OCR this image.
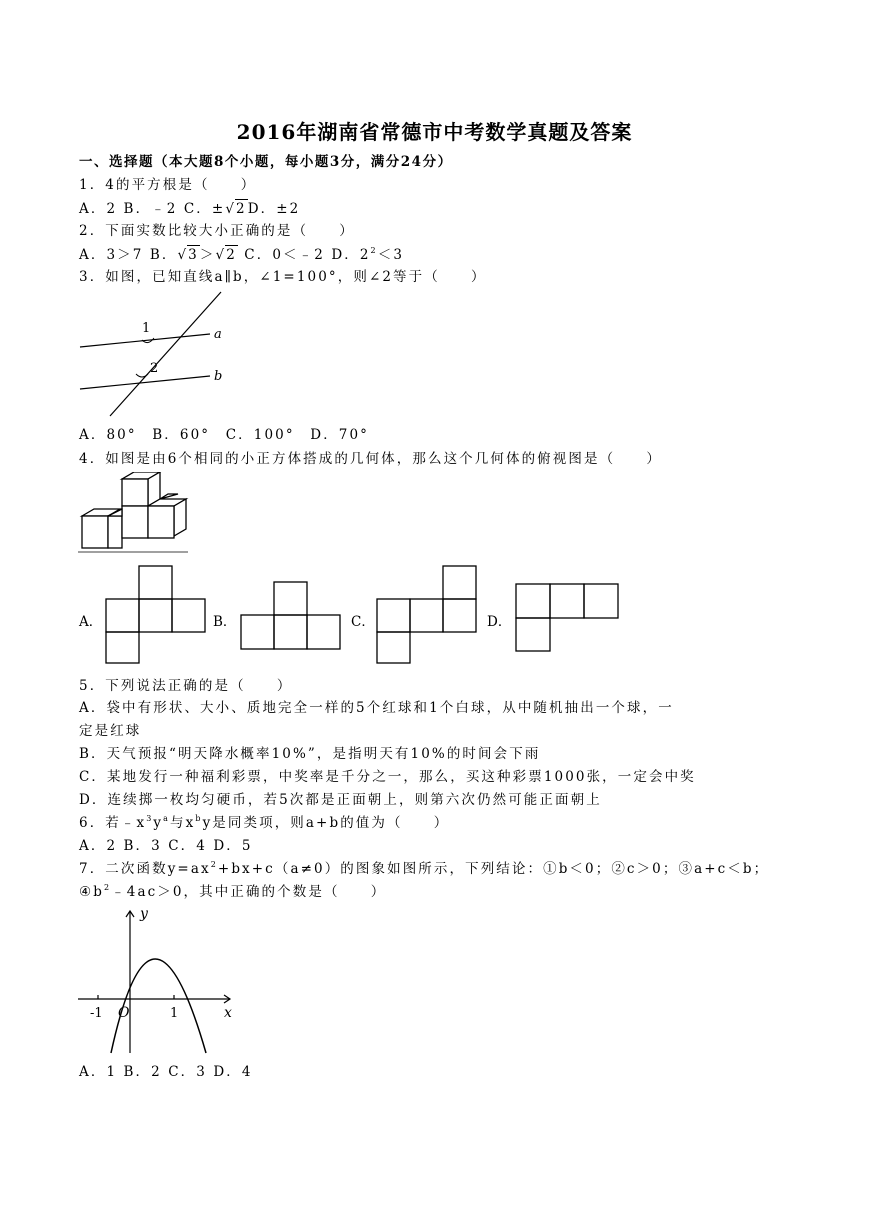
2016年湖南省常德市中考数学真题及答案
一、选择题（本大题8个小题，每小题3分，满分24分）
1．4的平方根是（　　）
A．2 B．﹣2 C．±√2D．±2
2．下面实数比较大小正确的是（　　）
A．3＞7 B．√3＞√2 C．0＜﹣2 D．$2^2<3$
3．如图，已知直线a∥b，∠1=100°，则∠2等于（　　）
1
2
a
b
A．80°　B．60°　C．100°　D．70°
4．如图是由6个相同的小正方体搭成的几何体，那么这个几何体的俯视图是（　　）
A．	B．	C．	D．
5．下列说法正确的是（　　）
A．袋中有形状、大小、质地完全一样的5个红球和1个白球，从中随机抽出一个球，一
定是红球
B．天气预报“明天降水概率10%”，是指明天有10%的时间会下雨
C．某地发行一种福利彩票，中奖率是千分之一，那么，买这种彩票1000张，一定会中奖
D．连续掷一枚均匀硬币，若5次都是正面朝上，则第六次仍然可能正面朝上
6．若$﹣x^3y^a$与$x^by$是同类项，则a+b的值为（　　）
A．2 B．3 C．4 D．5
7．二次函数$y=ax^2+bx+c(a\ne 0)$的图象如图所示，下列结论：①b＜0；②c＞0；③a+c＜b；
$④b^2﹣4ac>0$，其中正确的个数是（　　）
y
x
O
-1	1
A．1 B．2 C．3 D．4
